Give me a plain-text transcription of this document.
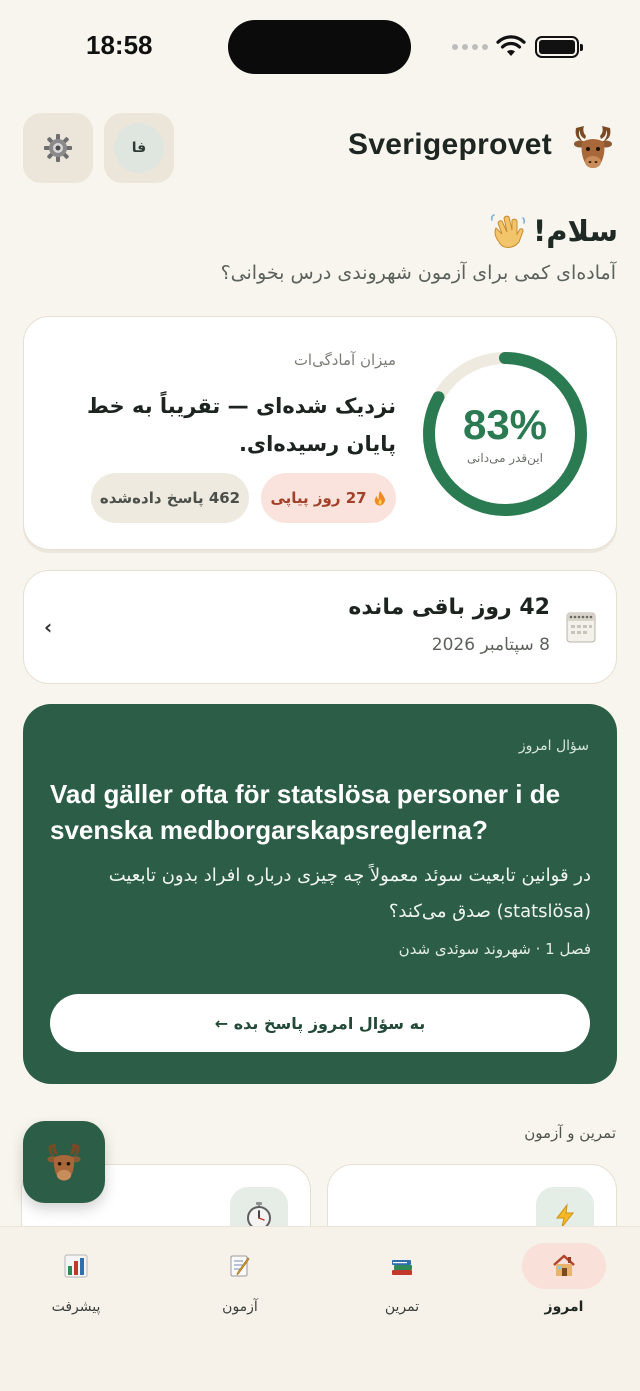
18:58
فا	Sverigeprovet
سلام!
آماده‌ای کمی برای آزمون شهروندی درس بخوانی؟
83%
این‌قدر می‌دانی
میزان آمادگی‌ات
نزدیک شده‌ای — تقریباً به خط پایان رسیده‌ای.
27 روز پیاپی
462 پاسخ داده‌شده
42 روز باقی مانده
8 سپتامبر 2026
‹
سؤال امروز
Vad gäller ofta för statslösa personer i de svenska medborgarskapsreglerna?
در قوانین تابعیت سوئد معمولاً چه چیزی درباره افراد بدون تابعیت (statslösa) صدق می‌کند؟
فصل 1 · شهروند سوئدی شدن
به سؤال امروز پاسخ بده ←
تمرین و آزمون
امروز
تمرین
آزمون
پیشرفت
